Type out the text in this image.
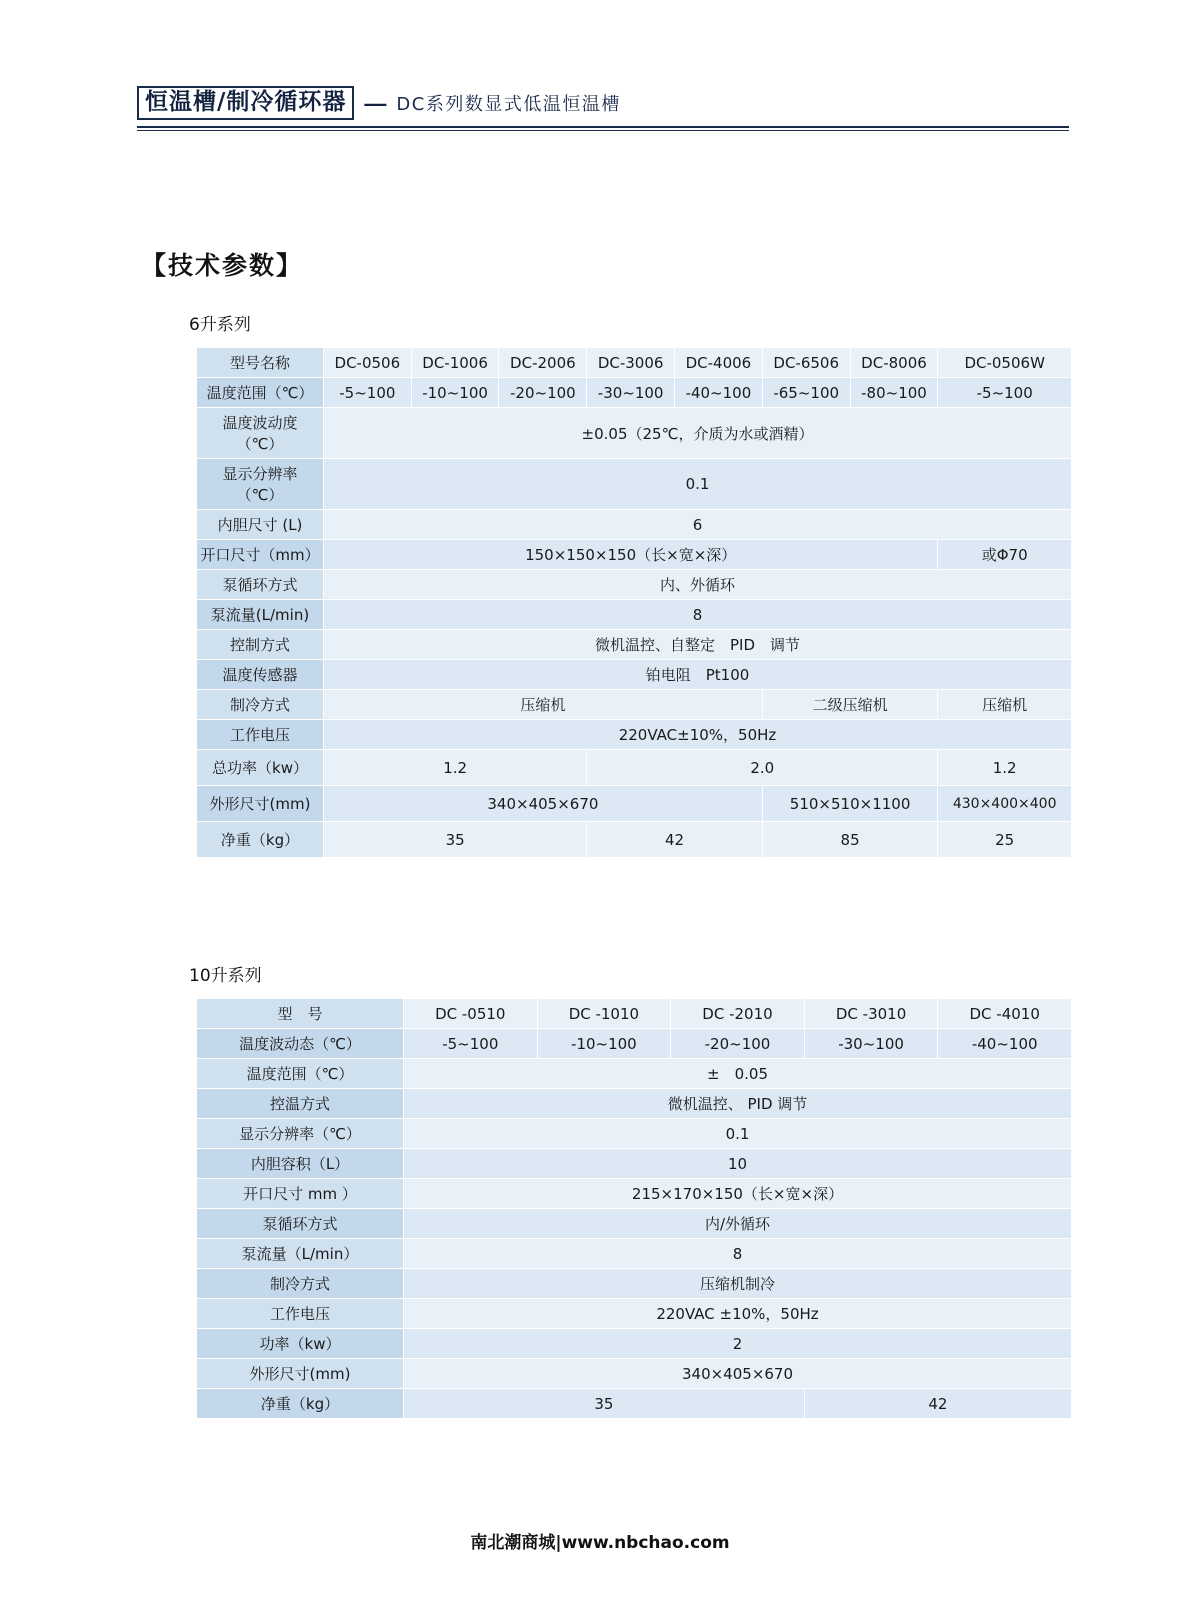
恒温槽/制冷循环器 — DC系列数显式低温恒温槽
【技术参数】
6升系列
型号名称	DC-0506	DC-1006	DC-2006	DC-3006	DC-4006	DC-6506	DC-8006	DC-0506W
温度范围（℃）	-5~100	-10~100	-20~100	-30~100	-40~100	-65~100	-80~100	-5~100

温度波动度
（℃）	±0.05（25℃，介质为水或酒精）							

显示分辨率
（℃）	0.1							
内胆尺寸 (L)	6							
开口尺寸（mm）	150×150×150（长×宽×深）							或Φ70
泵循环方式	内、外循环							
泵流量(L/min)	8							
控制方式	微机温控、自整定　PID　调节							
温度传感器	铂电阻　Pt100							
制冷方式	压缩机					二级压缩机		压缩机
工作电压	220VAC±10%，50Hz							
总功率（kw）	1.2			2.0				1.2
外形尺寸(mm)	340×405×670					510×510×1100		430×400×400
净重（kg）	35			42		85		25
10升系列
型　号	DC -0510	DC -1010	DC -2010	DC -3010	DC -4010
温度波动态（℃）	-5~100	-10~100	-20~100	-30~100	-40~100
温度范围（℃）	±　0.05				
控温方式	微机温控、 PID 调节				
显示分辨率（℃）	0.1				
内胆容积（L）	10				
开口尺寸 mm ）	215×170×150（长×宽×深）				
泵循环方式	内/外循环				
泵流量（L/min）	8				
制冷方式	压缩机制冷				
工作电压	220VAC ±10%，50Hz				
功率（kw）	2				
外形尺寸(mm)	340×405×670				
净重（kg）	35			42	
南北潮商城|www.nbchao.com
